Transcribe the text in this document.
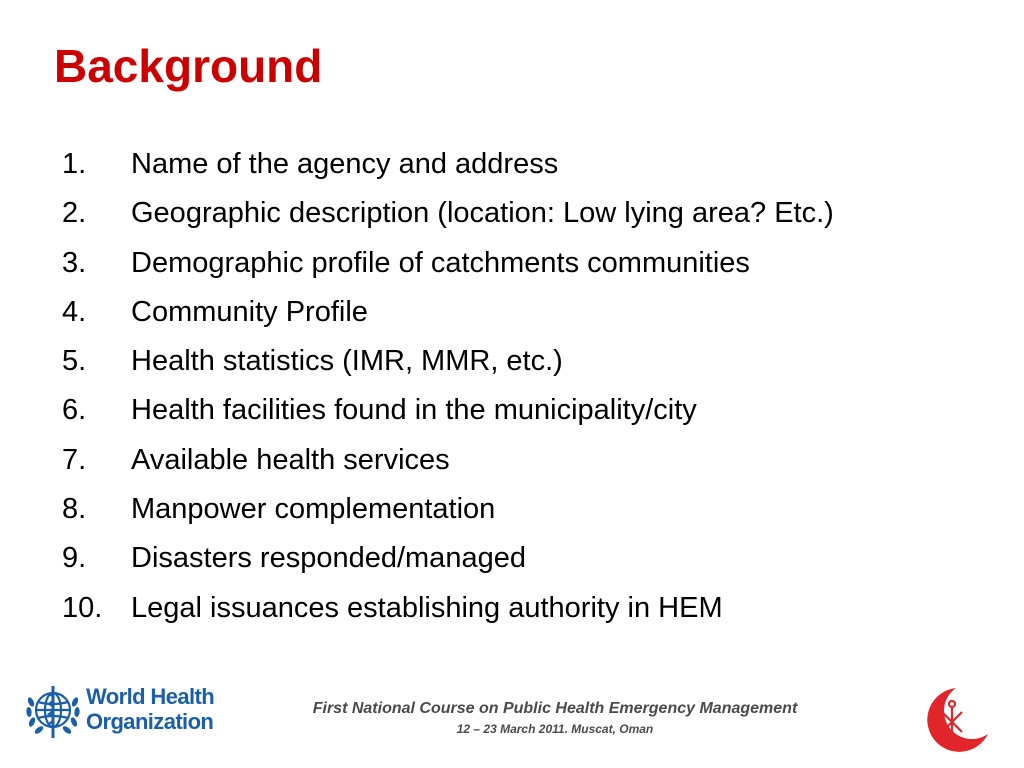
Background
1.	Name of the agency and address
2.	Geographic description (location: Low lying area? Etc.)
3.	Demographic profile of catchments communities
4.	Community Profile
5.	Health statistics (IMR, MMR, etc.)
6.	Health facilities found in the municipality/city
7.	Available health services
8.	Manpower complementation
9.	Disasters responded/managed
10. Legal issuances establishing authority in HEM
World Health
Organization
First National Course on Public Health Emergency Management
12 – 23 March 2011. Muscat, Oman
